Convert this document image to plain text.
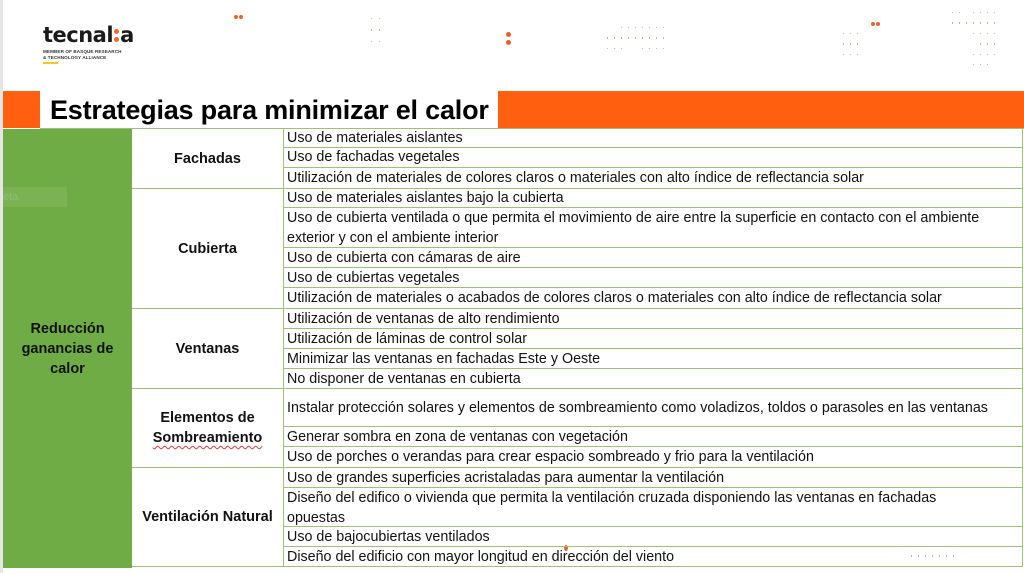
tecnal a
MEMBER OF BASQUE RESEARCH
& TECHNOLOGY ALLIANCE
Estrategias para minimizar el calor
Reducción ganancias de calor
eta
Fachadas
Uso de materiales aislantes
Uso de fachadas vegetales
Utilización de materiales de colores claros o materiales con alto índice de reflectancia solar
Cubierta
Uso de materiales aislantes bajo la cubierta
Uso de cubierta ventilada o que permita el movimiento de aire entre la superficie en contacto con el ambiente exterior y con el ambiente interior
Uso de cubierta con cámaras de aire
Uso de cubiertas vegetales
Utilización de materiales o acabados de colores claros o materiales con alto índice de reflectancia solar
Ventanas
Utilización de ventanas de alto rendimiento
Utilización de láminas de control solar
Minimizar las ventanas en fachadas Este y Oeste
No disponer de ventanas en cubierta
Elementos de
Sombreamiento
Instalar protección solares y elementos de sombreamiento como voladizos, toldos o parasoles en las ventanas
Generar sombra en zona de ventanas con vegetación
Uso de porches o verandas para crear espacio sombreado y frio para la ventilación
Ventilación Natural
Uso de grandes superficies acristaladas para aumentar la ventilación
Diseño del edifico o vivienda que permita la ventilación cruzada disponiendo las ventanas en fachadas opuestas
Uso de bajocubiertas ventilados
Diseño del edificio con mayor longitud en dirección del viento
